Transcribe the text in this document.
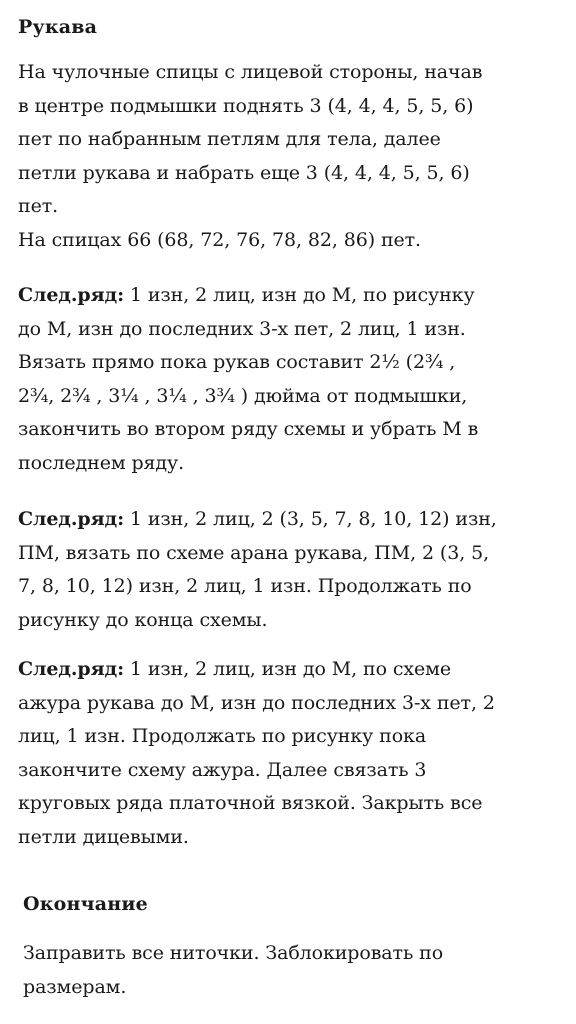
Рукава
На чулочные спицы с лицевой стороны, начав
в центре подмышки поднять 3 (4, 4, 4, 5, 5, 6)
пет по набранным петлям для тела, далее
петли рукава и набрать еще 3 (4, 4, 4, 5, 5, 6)
пет.
На спицах 66 (68, 72, 76, 78, 82, 86) пет.
След.ряд: 1 изн, 2 лиц, изн до М, по рисунку
до М, изн до последних 3-х пет, 2 лиц, 1 изн.
Вязать прямо пока рукав составит 2½ (2¾ ,
2¾, 2¾ , 3¼ , 3¼ , 3¾ ) дюйма от подмышки,
закончить во втором ряду схемы и убрать М в
последнем ряду.
След.ряд: 1 изн, 2 лиц, 2 (3, 5, 7, 8, 10, 12) изн,
ПМ, вязать по схеме арана рукава, ПМ, 2 (3, 5,
7, 8, 10, 12) изн, 2 лиц, 1 изн. Продолжать по
рисунку до конца схемы.
След.ряд: 1 изн, 2 лиц, изн до М, по схеме
ажура рукава до М, изн до последних 3-х пет, 2
лиц, 1 изн. Продолжать по рисунку пока
закончите схему ажура. Далее связать 3
круговых ряда платочной вязкой. Закрыть все
петли дицевыми.
Окончание
Заправить все ниточки. Заблокировать по
размерам.
